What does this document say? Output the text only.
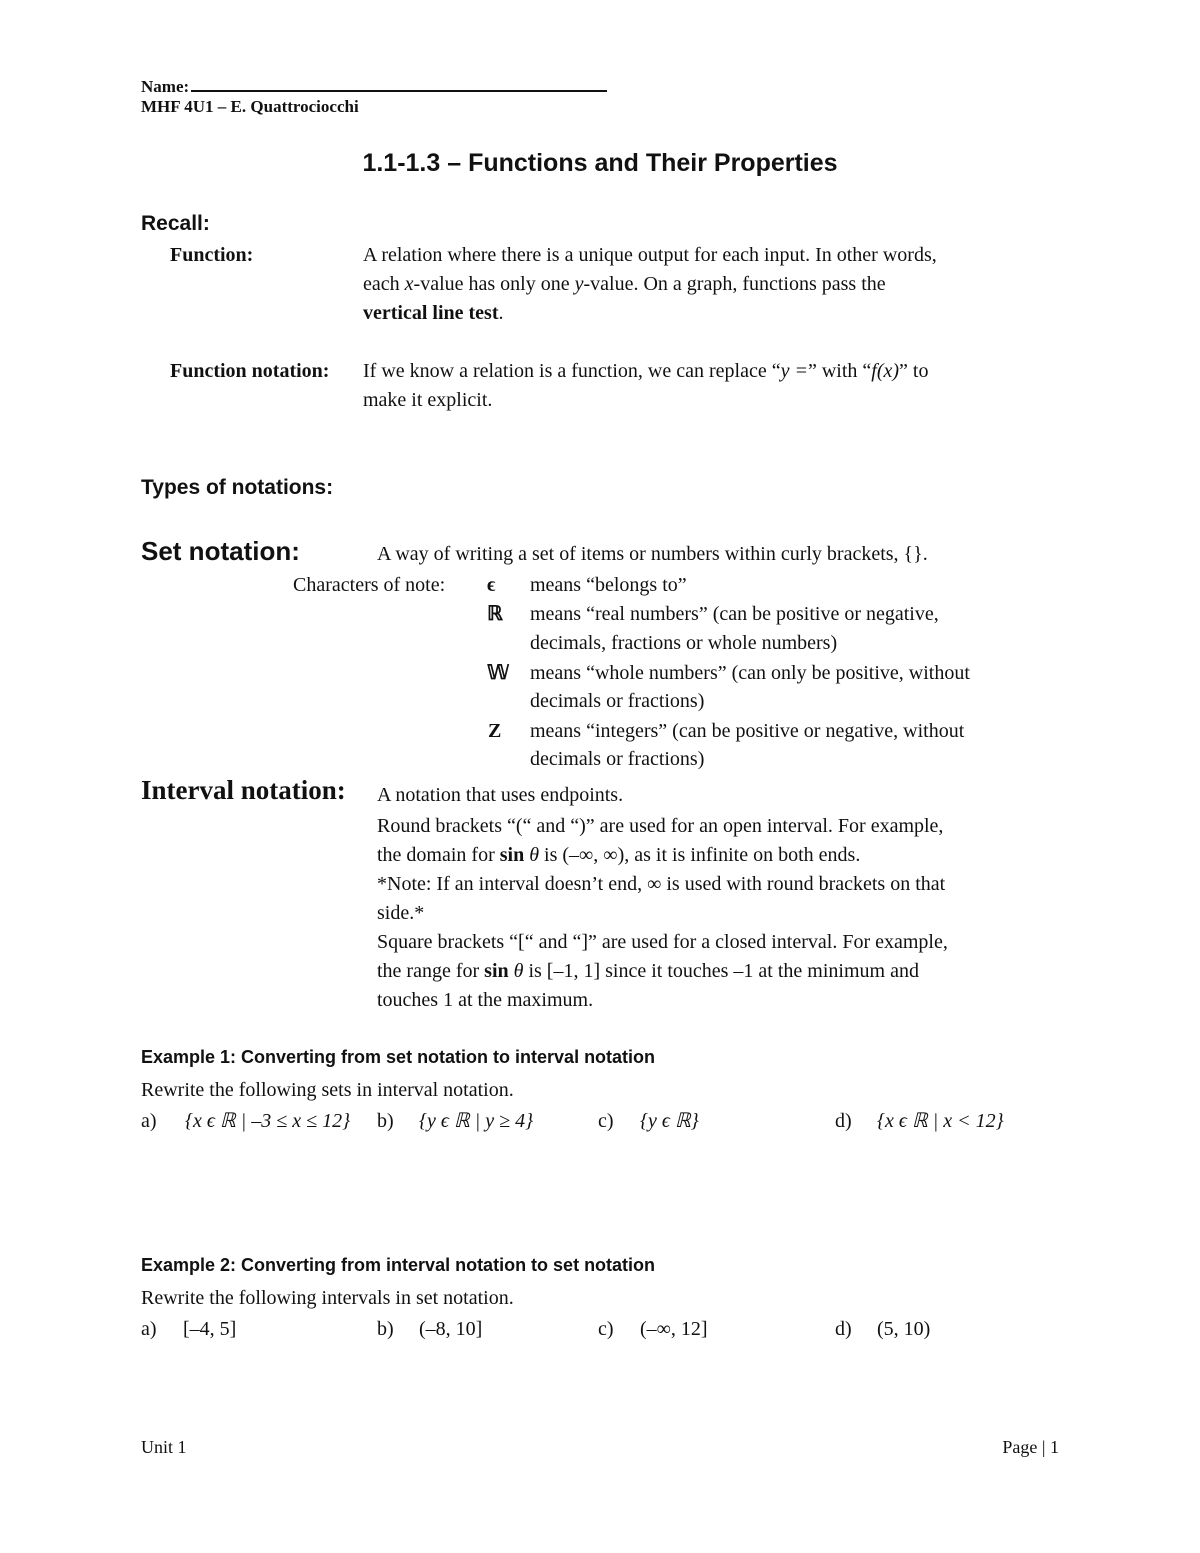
Name:
MHF 4U1 – E. Quattrociocchi
1.1-1.3 – Functions and Their Properties
Recall:
Function:	A relation where there is a unique output for each input. In other words,
each x-value has only one y-value. On a graph, functions pass the
vertical line test.
Function notation: If we know a relation is a function, we can replace “y =” with “f(x)” to
make it explicit.
Types of notations:
Set notation:	A way of writing a set of items or numbers within curly brackets, {}.
Characters of note: ϵ means “belongs to”
ℝ means “real numbers” (can be positive or negative,
decimals, fractions or whole numbers)
𝕎 means “whole numbers” (can only be positive, without
decimals or fractions)
Z means “integers” (can be positive or negative, without
decimals or fractions)
Interval notation: A notation that uses endpoints.
Round brackets “(“ and “)” are used for an open interval. For example,
the domain for sin θ is (–∞, ∞), as it is infinite on both ends.
*Note: If an interval doesn’t end, ∞ is used with round brackets on that
side.*
Square brackets “[“ and “]” are used for a closed interval. For example,
the range for sin θ is [–1, 1] since it touches –1 at the minimum and
touches 1 at the maximum.
Example 1: Converting from set notation to interval notation
Rewrite the following sets in interval notation.
a) {x ϵ ℝ | –3 ≤ x ≤ 12} b) {y ϵ ℝ | y ≥ 4}	c) {y ϵ ℝ}	d) {x ϵ ℝ | x < 12}
Example 2: Converting from interval notation to set notation
Rewrite the following intervals in set notation.
a) [–4, 5]	b) (–8, 10]	c) (–∞, 12]	d) (5, 10)
Unit 1	Page | 1
